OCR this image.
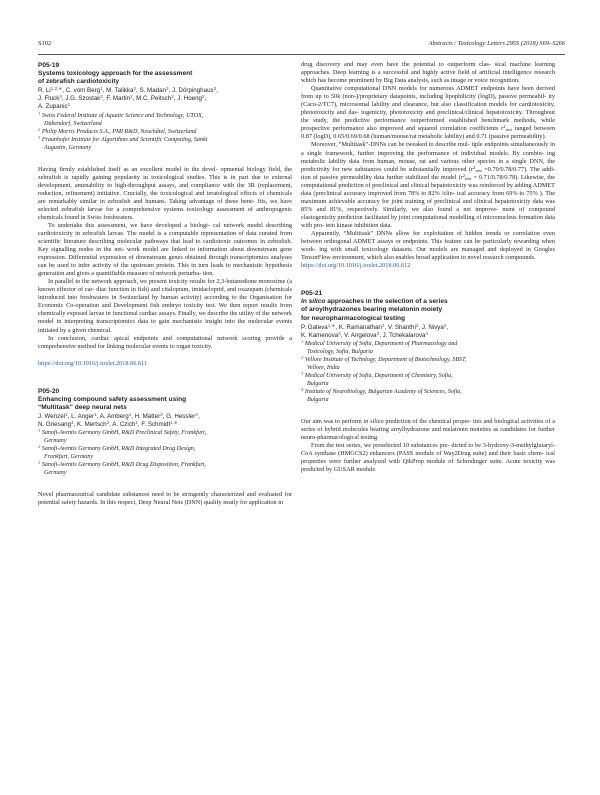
S102	Abstracts / Toxicology Letters 295S (2018) S69–S266
P05-19
Systems toxicology approach for the assessment
of zebrafish cardiotoxicity
R. $Li^{1,2,∗}$, C. vom Berg$^1$, M. Talikka$^2$, S. Madan$^3$, J. Dörpinghaus$^3$,
J. Fluck$^3$, J.G. Szostak$^2$, F. Martin$^2$, M.C. Peitsch$^2$, J. Hoeng$^2$,
A. Zupanic$^1$
$^1$ Swiss Federal Institute of Aquatic Science and Technology, UTOX,
Dübendorf, Switzerland
$^2$ Philip Morris Products S.A., PMI R&D, Neuchâtel, Switzerland
$^3$ Fraunhofer Institute for Algorithms and Scientific Computing, Sankt
Augustin, Germany

Having firmly established itself as an excellent model in the devel- opmental biology field, the zebrafish is rapidly gaining popularity in toxicological studies. This is in part due to external development, amenability to high-throughput assays, and compliance with the 3R (replacement, reduction, refinement) initiative. Crucially, the toxicological and teratological effects of chemicals are remarkably similar in zebrafish and humans. Taking advantage of these bene- fits, we have selected zebrafish larvae for a comprehensive systems toxicology assessment of anthropogenic chemicals found in Swiss freshwaters.

To undertake this assessment, we have developed a biologi- cal network model describing cardiotoxicity in zebrafish larvae. The model is a computable representation of data curated from scientific literature describing molecular pathways that lead to cardiotoxic outcomes in zebrafish. Key signalling nodes in the net- work model are linked to information about downstream gene expression. Differential expression of downstream genes obtained through transcriptomics analyses can be used to infer activity of the upstream protein. This in turn leads to mechanistic hypothesis generation and gives a quantifiable measure of network perturba- tion.

In parallel to the network approach, we present toxicity results for 2,3-butanedione monoxime (a known effector of car- diac function in fish) and citalopram, imidacloprid, and oxazepam (chemicals introduced into freshwaters in Switzerland by human activity) according to the Organisation for Economic Co-operation and Development fish embryo toxicity test. We then report results from chemically exposed larvae in functional cardiac assays. Finally, we describe the utility of the network model in interpreting transcriptomics data to gain mechanistic insight into the molecular events initiated by a given chemical.

In conclusion, cardiac apical endpoints and computational network scoring provide a comprehensive method for linking molecular events to organ toxicity.

https://doi.org/10.1016/j.toxlet.2018.06.611
P05-20
Enhancing compound safety assessment using
“Multitask” deep neural nets
J. Wenzel$^1$, L. Anger$^1$, A. Amberg$^1$, H. Matter$^2$, G. Hessler$^2$,
N. Griesang$^1$, K. Mertsch$^2$, A. Czich$^1$, F. Schmidt$^{1,∗}$
$^1$ Sanofi-Aventis Germany GmbH, R&D Preclinical Safety, Frankfurt,
Germany
$^2$ Sanofi-Aventis Germany GmbH, R&D Integrated Drug Design,
Frankfurt, Germany
$^3$ Sanofi-Aventis Germany GmbH, R&D Drug Disposition, Frankfurt,
Germany

Novel pharmaceutical candidate substances need to be stringently characterized and evaluated for potential safety hazards. In this respect, Deep Neural Nets (DNN) qualify neatly for application in

drug discovery and may even have the potential to outperform clas- sical machine learning approaches. Deep learning is a successful and highly active field of artificial intelligence research which has become prominent by Big Data analysis, such as image or voice recognition.

Quantitative computational DNN models for numerous ADMET endpoints have been derived from up to 50k (non-)/proprietary datapoints, including lipophilicity (logD), passive permeabil- ity (Caco-2/TC7), microsomal lability and clearance, but also classification models for cardiotoxicity, phototoxicity and das- togenicity, phototoxicity and preclinical/clinical hepatotoxicity. Throughout the study, the predictive performance outperformed established benchmark methods, while prospective performance also improved and squared correlation coefficients $r^2_{test}$ ranged between 0.87 (logD), 0.65/0.69/0.68 (human/mouse/rat metabolic lability) and 0.71 (passive permeability).

Moreover, “Multitask”-DNNs can be tweaked to describe mul- tiple endpoints simultaneously in a single framework, further improving the performance of individual models. By combin- ing metabolic lability data from human, mouse, rat and various other species in a single DNN, the predictivity for new substances could be substantially improved $(r^2_{test} =0.70/0.78/0.77)$. The addi- tion of passive permeability data further stabilized the model $(r^2_{test} = 0.71/0.78/0.78)$. Likewise, the computational prediction of preclinical and clinical hepatotoxicity was reinforced by adding ADMET data (preclinical accuracy improved from 78% to 82% /clin- ical accuracy from 69% to 75% ). The maximum achievable accuracy for joint training of preclinical and clinical hepatotoxicity data was 85% and 81%, respectively. Similarly, we also found a net improve- ment of compound clastogenicity prediction facilitated by joint computational modelling of micronucleus formation data with pro- tein kinase inhibition data.

Apparently, “Multitask” DNNs allow for exploitation of hidden trends or correlation even between orthogonal ADMET assays or endpoints. This feature can be particularly rewarding when work- ing with small toxicology datasets. Our models are managed and deployed in Googles TensorFlow environment, which also enables broad application to novel research compounds.

https://doi.org/10.1016/j.toxlet.2018.06.612
P05-21
In silico approaches in the selection of a series
of aroylhydrazones bearing melatonin moiety
for neuropharmacological testing
P. Gateva$^{1,∗}$, K. Ramanathan$^2$, V. Shanthi$^2$, J. Nivya$^2$,
K. Kamenova$^3$, V. Angelova$^3$, J. Tchekalarova$^4$
$^1$ Medical University of Sofia, Department of Pharmacology and
Toxicology, Sofia, Bulgaria
$^2$ Vellore Institute of Technlogy, Department of Biotechnology, SBST,
Vellore, India
$^3$ Medical University of Sofia, Department of Chemistry, Sofia,
Bulgaria
$^4$ Institute of Neurobiology, Bulgarian Academy of Sciences, Sofia,
Bulgaria

Our aim was to perform in silico prediction of the chemical proper- ties and biological activities of a series of hybrid molecules bearing aroylhydrazone and melatonin moieties as candidates for further neuro-pharmacological testing.

From the test series, we preselected 10 substances pre- dicted to be 3-hydroxy-3-methylglutaryl-CoA synthase (HMGCS2) enhancers (PASS module of Way2Drug suite) and their basic chem- ical properties were further analyzed with QikProp module of Schrodinger suite. Acute toxicity was predicted by GUSAR module
